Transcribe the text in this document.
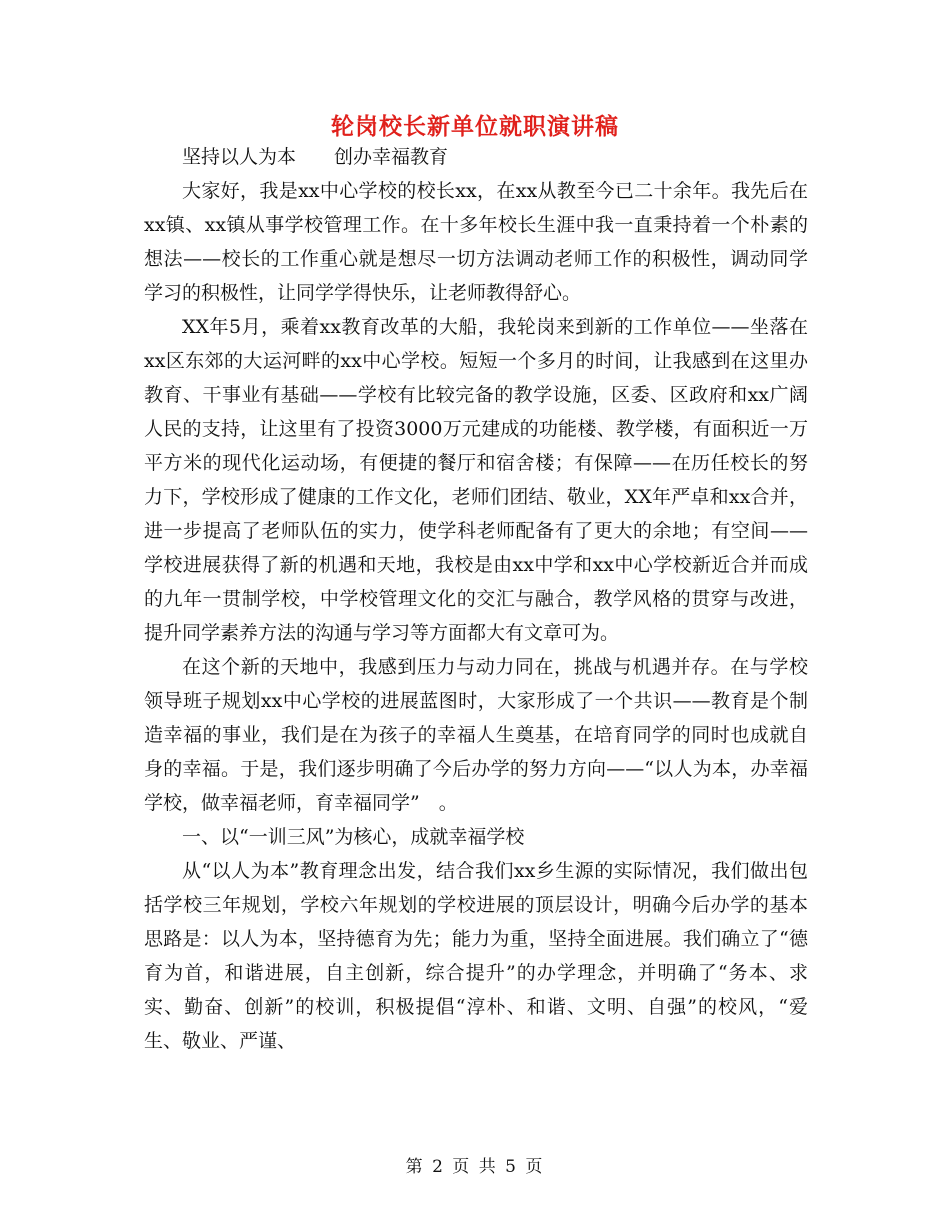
轮岗校长新单位就职演讲稿
坚持以人为本　　创办幸福教育

大家好，我是xx中心学校的校长xx，在xx从教至今已二十余年。我先后在xx镇、xx镇从事学校管理工作。在十多年校长生涯中我一直秉持着一个朴素的想法——校长的工作重心就是想尽一切方法调动老师工作的积极性，调动同学学习的积极性，让同学学得快乐，让老师教得舒心。

XX年5月，乘着xx教育改革的大船，我轮岗来到新的工作单位——坐落在xx区东郊的大运河畔的xx中心学校。短短一个多月的时间，让我感到在这里办教育、干事业有基础——学校有比较完备的教学设施，区委、区政府和xx广阔人民的支持，让这里有了投资3000万元建成的功能楼、教学楼，有面积近一万平方米的现代化运动场，有便捷的餐厅和宿舍楼；有保障——在历任校长的努力下，学校形成了健康的工作文化，老师们团结、敬业，XX年严卓和xx合并，进一步提高了老师队伍的实力，使学科老师配备有了更大的余地；有空间——学校进展获得了新的机遇和天地，我校是由xx中学和xx中心学校新近合并而成的九年一贯制学校，中学校管理文化的交汇与融合，教学风格的贯穿与改进，提升同学素养方法的沟通与学习等方面都大有文章可为。

在这个新的天地中，我感到压力与动力同在，挑战与机遇并存。在与学校领导班子规划xx中心学校的进展蓝图时，大家形成了一个共识——教育是个制造幸福的事业，我们是在为孩子的幸福人生奠基，在培育同学的同时也成就自身的幸福。于是，我们逐步明确了今后办学的努力方向——“以人为本，办幸福学校，做幸福老师，育幸福同学”　。

一、以“一训三风”为核心，成就幸福学校

从“以人为本”教育理念出发，结合我们xx乡生源的实际情况，我们做出包括学校三年规划，学校六年规划的学校进展的顶层设计，明确今后办学的基本思路是：以人为本，坚持德育为先；能力为重，坚持全面进展。我们确立了“德育为首，和谐进展，自主创新，综合提升”的办学理念，并明确了“务本、求实、勤奋、创新”的校训，积极提倡“淳朴、和谐、文明、自强”的校风，“爱生、敬业、严谨、

第 2 页 共 5 页
